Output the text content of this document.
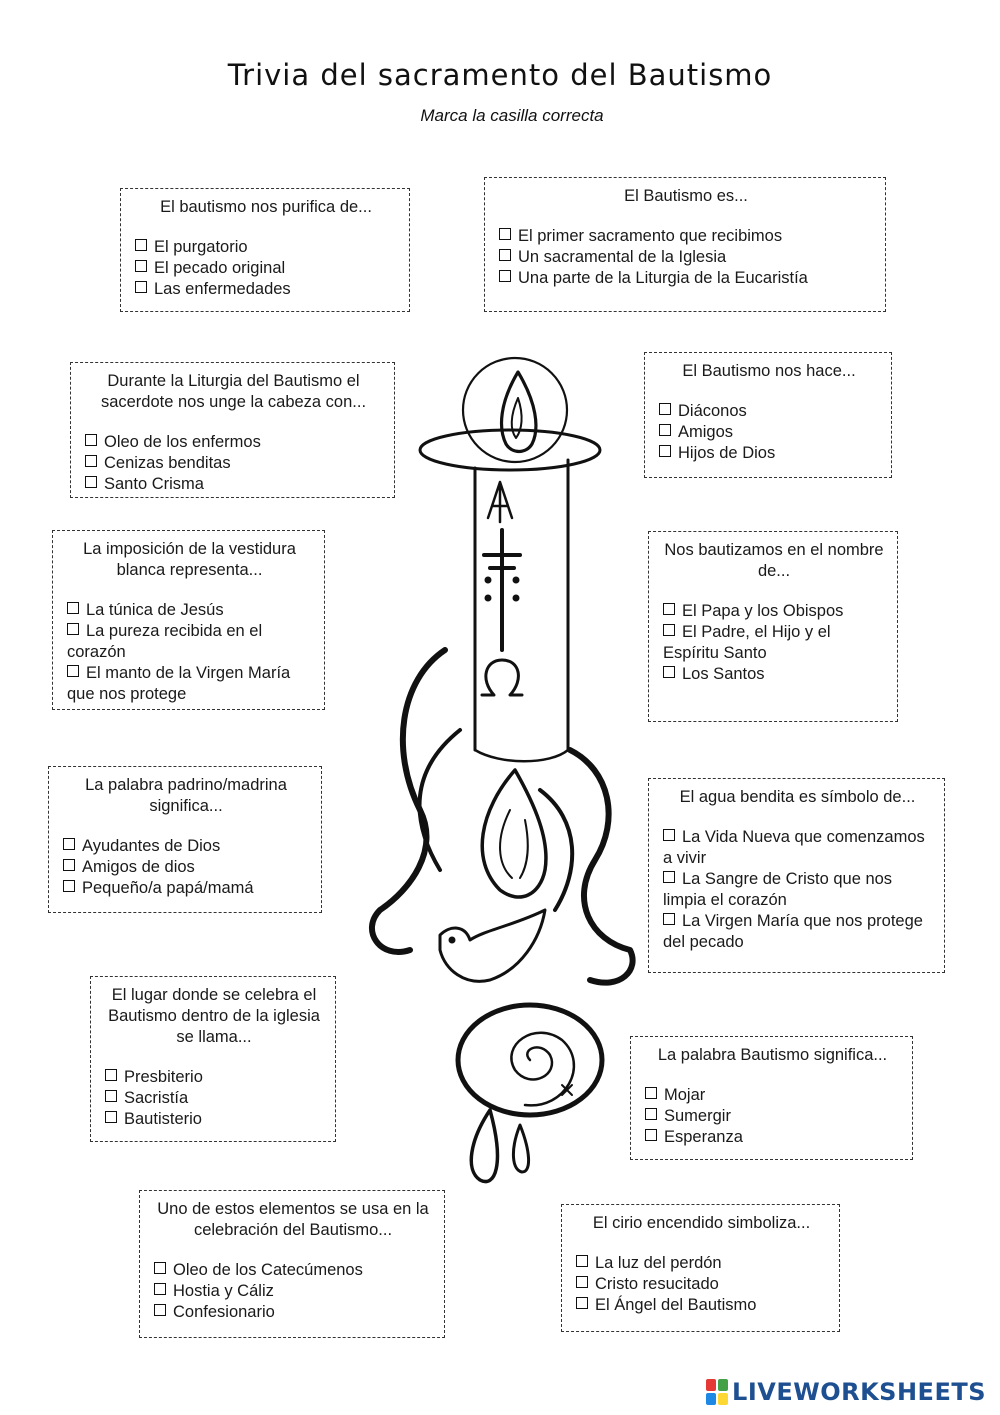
Trivia del sacramento del Bautismo
Marca la casilla correcta
El bautismo nos purifica de...
El purgatorio
El pecado original
Las enfermedades
El Bautismo es...
El primer sacramento que recibimos
Un sacramental de la Iglesia
Una parte de la Liturgia de la Eucaristía
Durante la Liturgia del Bautismo el sacerdote nos unge la cabeza con...
Oleo de los enfermos
Cenizas benditas
Santo Crisma
El Bautismo nos hace...
Diáconos
Amigos
Hijos de Dios
La imposición de la vestidura blanca representa...
La túnica de Jesús
La pureza recibida en el corazón
El manto de la Virgen María que nos protege
Nos bautizamos en el nombre de...
El Papa y los Obispos
El Padre, el Hijo y el Espíritu Santo
Los Santos
La palabra padrino/madrina significa...
Ayudantes de Dios
Amigos de dios
Pequeño/a papá/mamá
El agua bendita es símbolo de...
La Vida Nueva que comenzamos a vivir
La Sangre de Cristo que nos limpia el corazón
La Virgen María que nos protege del pecado
El lugar donde se celebra el Bautismo dentro de la iglesia se llama...
Presbiterio
Sacristía
Bautisterio
La palabra Bautismo significa...
Mojar
Sumergir
Esperanza
Uno de estos elementos se usa en la celebración del Bautismo...
Oleo de los Catecúmenos
Hostia y Cáliz
Confesionario
El cirio encendido simboliza...
La luz del perdón
Cristo resucitado
El Ángel del Bautismo
LIVEWORKSHEETS
